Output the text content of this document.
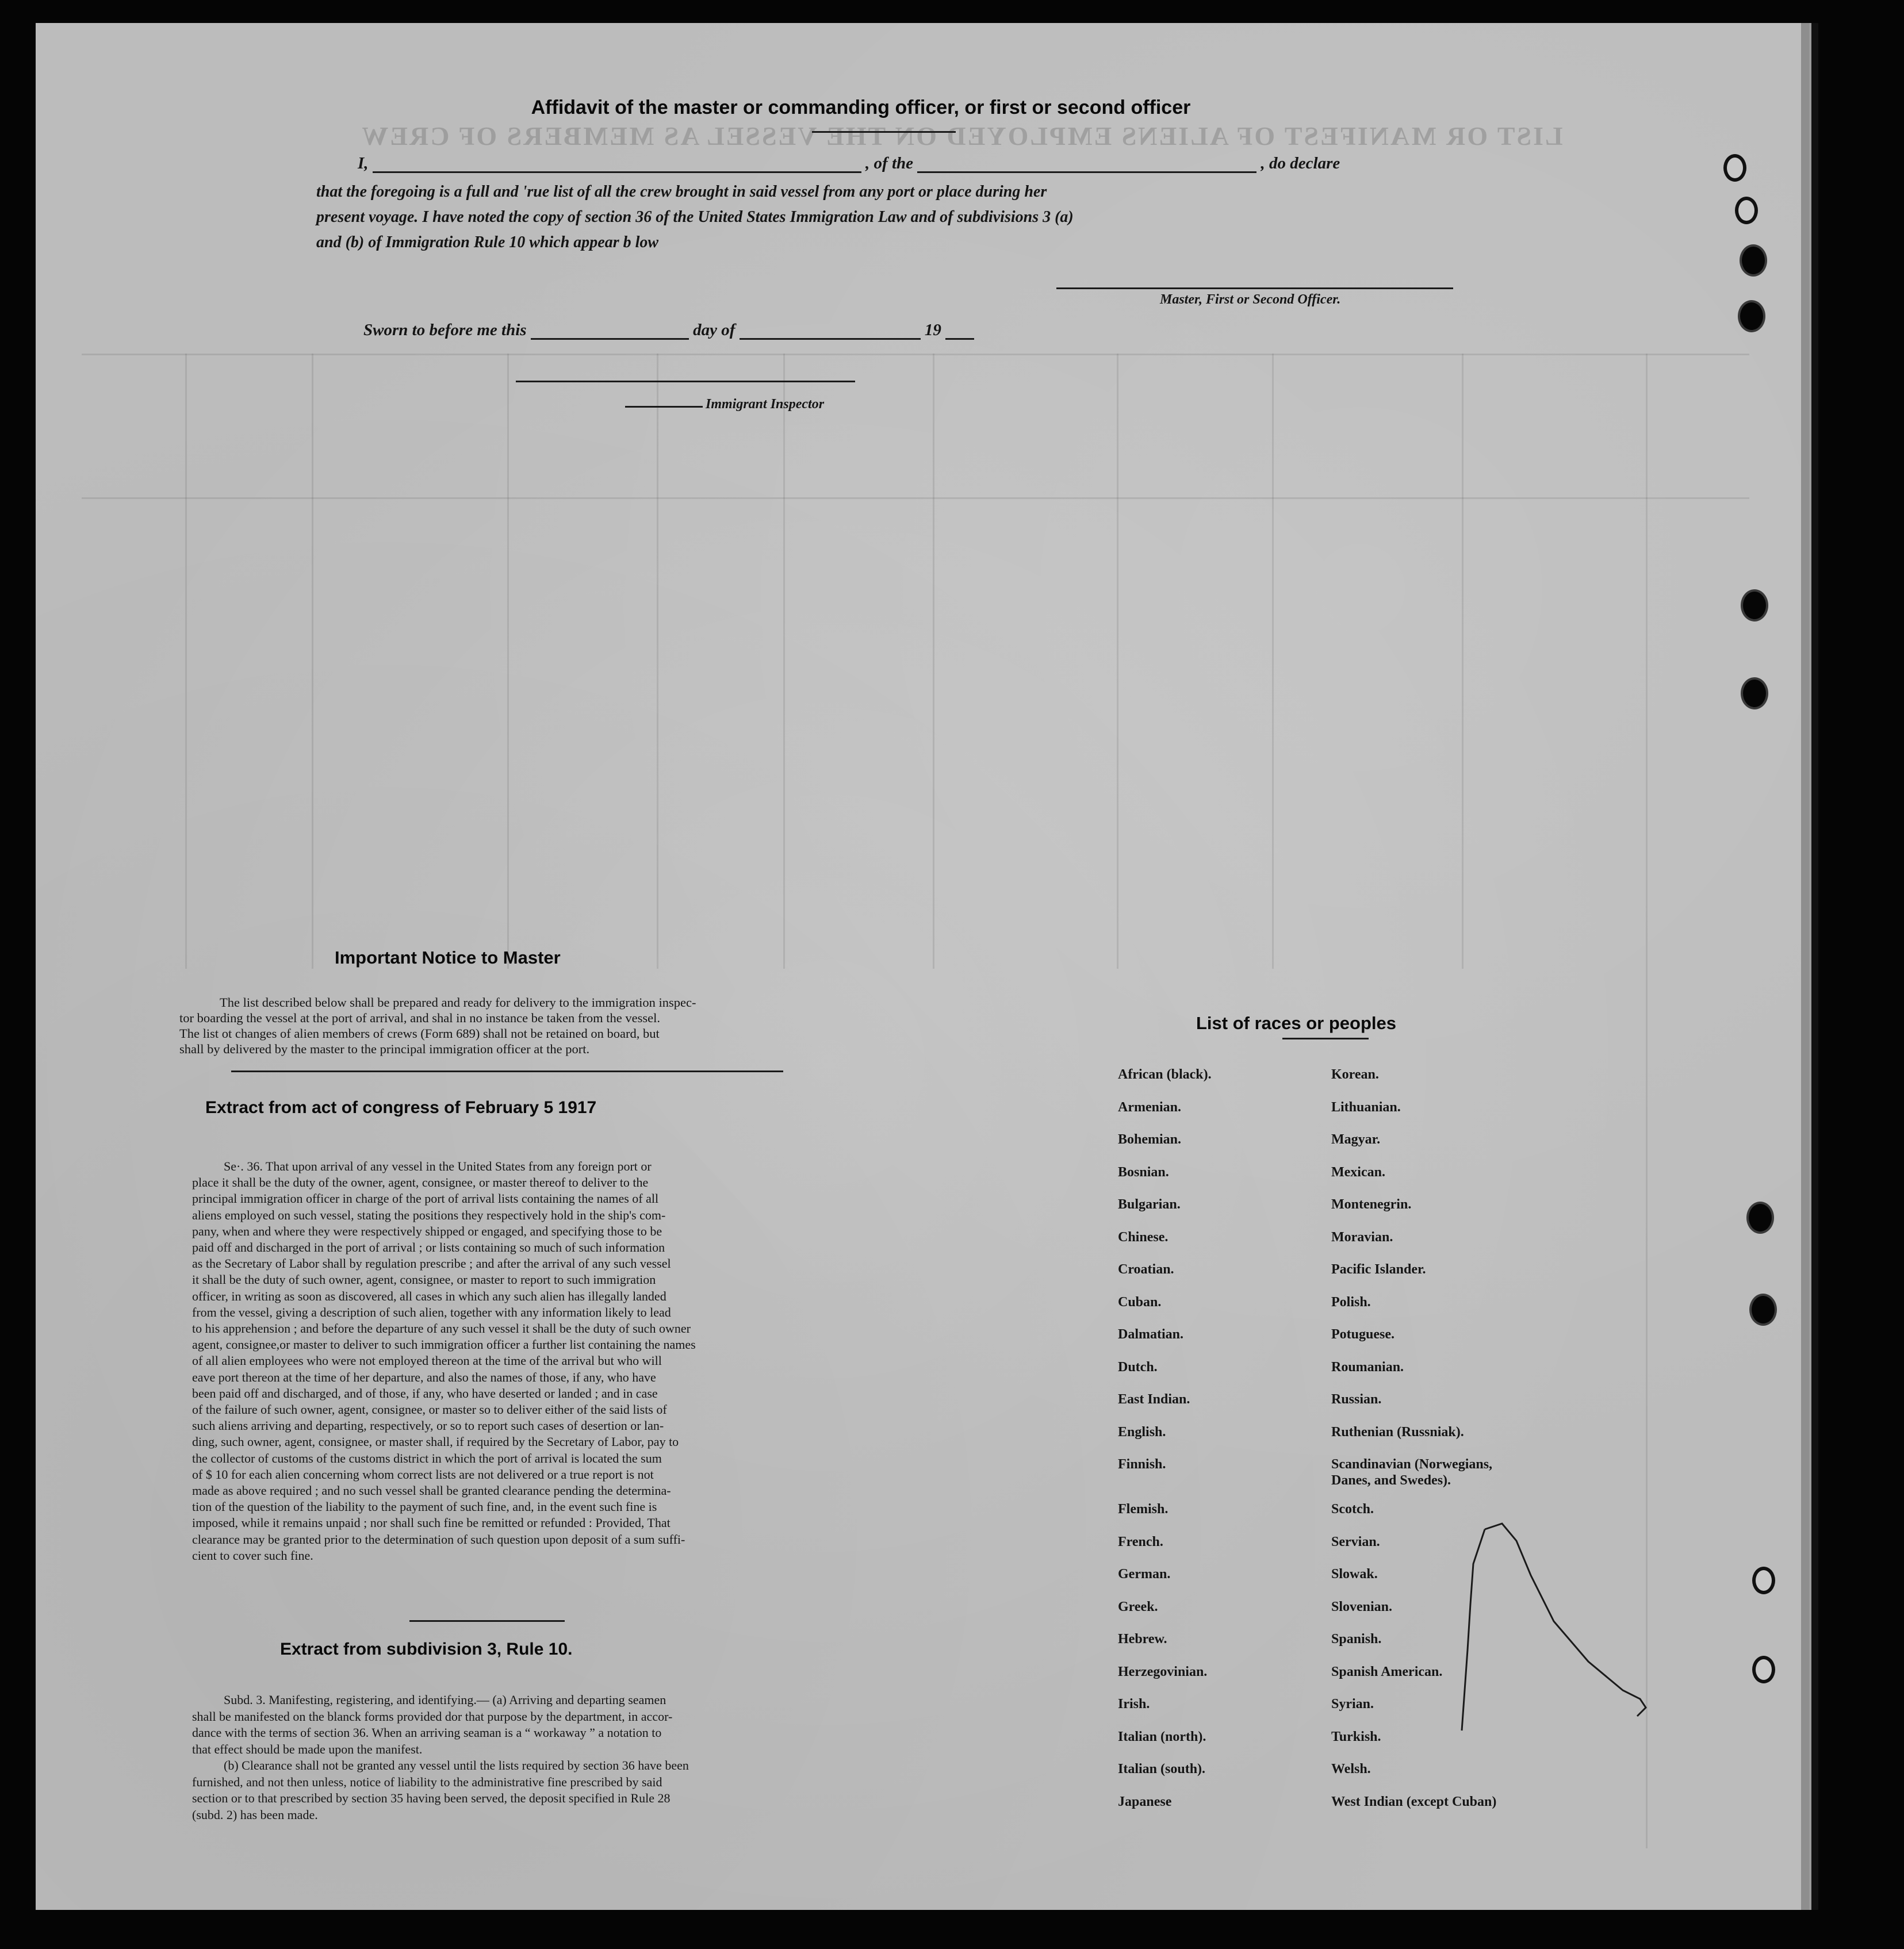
LIST OR MANIFEST OF ALIENS EMPLOYED ON THE VESSEL AS MEMBERS OF CREW
Affidavit of the master or commanding officer, or first or second officer
I,	, of the	, do declare
that the foregoing is a full and 'rue list of all the crew brought in said vessel from any port or place during her
present voyage. I have noted the copy of section 36 of the United States Immigration Law and of subdivisions 3 (a)
and (b) of Immigration Rule 10 which appear b low
Master, First or Second Officer.
Sworn to before me this	day of	19
Immigrant Inspector
Important Notice to Master
The list described below shall be prepared and ready for delivery to the immigration inspec-
tor boarding the vessel at the port of arrival, and shal in no instance be taken from the vessel.
The list ot changes of alien members of crews (Form 689) shall not be retained on board, but
shall by delivered by the master to the principal immigration officer at the port.
Extract from act of congress of February 5 1917
Se·. 36. That upon arrival of any vessel in the United States from any foreign port or
place it shall be the duty of the owner, agent, consignee, or master thereof to deliver to the
principal immigration officer in charge of the port of arrival lists containing the names of all
aliens employed on such vessel, stating the positions they respectively hold in the ship's com-
pany, when and where they were respectively shipped or engaged, and specifying those to be
paid off and discharged in the port of arrival ; or lists containing so much of such information
as the Secretary of Labor shall by regulation prescribe ; and after the arrival of any such vessel
it shall be the duty of such owner, agent, consignee, or master to report to such immigration
officer, in writing as soon as discovered, all cases in which any such alien has illegally landed
from the vessel, giving a description of such alien, together with any information likely to lead
to his apprehension ; and before the departure of any such vessel it shall be the duty of such owner
agent, consignee,or master to deliver to such immigration officer a further list containing the names
of all alien employees who were not employed thereon at the time of the arrival but who will
eave port thereon at the time of her departure, and also the names of those, if any, who have
been paid off and discharged, and of those, if any, who have deserted or landed ; and in case
of the failure of such owner, agent, consignee, or master so to deliver either of the said lists of
such aliens arriving and departing, respectively, or so to report such cases of desertion or lan-
ding, such owner, agent, consignee, or master shall, if required by the Secretary of Labor, pay to
the collector of customs of the customs district in which the port of arrival is located the sum
of $ 10 for each alien concerning whom correct lists are not delivered or a true report is not
made as above required ; and no such vessel shall be granted clearance pending the determina-
tion of the question of the liability to the payment of such fine, and, in the event such fine is
imposed, while it remains unpaid ; nor shall such fine be remitted or refunded : Provided, That
clearance may be granted prior to the determination of such question upon deposit of a sum suffi-
cient to cover such fine.
Extract from subdivision 3, Rule 10.
Subd. 3. Manifesting, registering, and identifying.— (a) Arriving and departing seamen
shall be manifested on the blanck forms provided dor that purpose by the department, in accor-
dance with the terms of section 36. When an arriving seaman is a “ workaway ” a notation to
that effect should be made upon the manifest.
(b) Clearance shall not be granted any vessel until the lists required by section 36 have been
furnished, and not then unless, notice of liability to the administrative fine prescribed by said
section or to that prescribed by section 35 having been served, the deposit specified in Rule 28
(subd. 2) has been made.
List of races or peoples
African (black).
Armenian.
Bohemian.
Bosnian.
Bulgarian.
Chinese.
Croatian.
Cuban.
Dalmatian.
Dutch.
East Indian.
English.
Finnish.
Flemish.
French.
German.
Greek.
Hebrew.
Herzegovinian.
Irish.
Italian (north).
Italian (south).
Japanese
Korean.
Lithuanian.
Magyar.
Mexican.
Montenegrin.
Moravian.
Pacific Islander.
Polish.
Potuguese.
Roumanian.
Russian.
Ruthenian (Russniak).
Scandinavian (Norwegians, Danes, and Swedes).
Scotch.
Servian.
Slowak.
Slovenian.
Spanish.
Spanish American.
Syrian.
Turkish.
Welsh.
West Indian (except Cuban)
